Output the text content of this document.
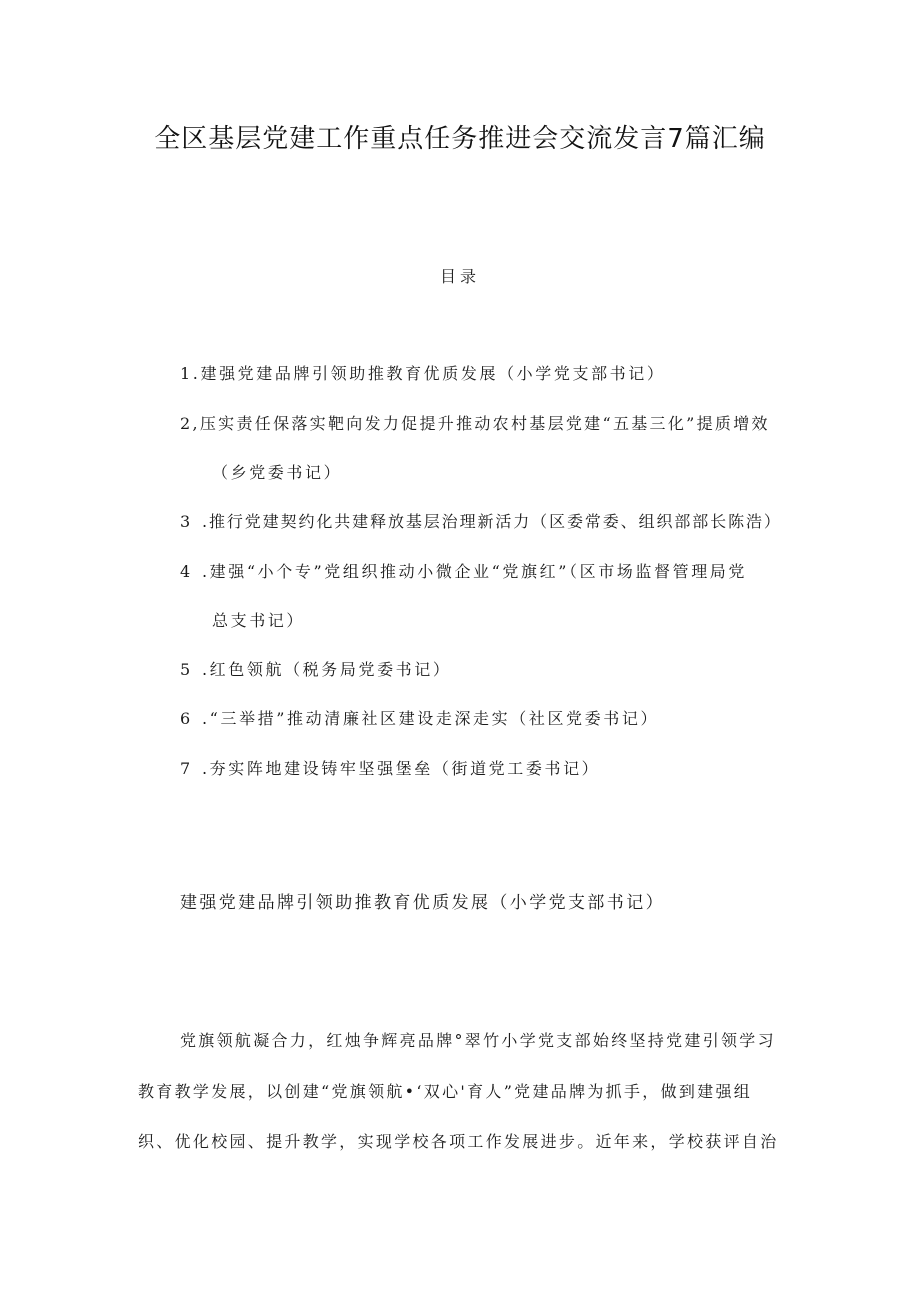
全区基层党建工作重点任务推进会交流发言7篇汇编
目录
1.建强党建品牌引领助推教育优质发展（小学党支部书记）
2,压实责任保落实靶向发力促提升推动农村基层党建“五基三化”提质增效
（乡党委书记）
3 .推行党建契约化共建释放基层治理新活力（区委常委、组织部部长陈浩）
4 .建强“小个专”党组织推动小微企业“党旗红”（区市场监督管理局党
总支书记）
5 .红色领航（税务局党委书记）
6 .“三举措”推动清廉社区建设走深走实（社区党委书记）
7 .夯实阵地建设铸牢坚强堡垒（街道党工委书记）
建强党建品牌引领助推教育优质发展（小学党支部书记）
党旗领航凝合力，红烛争辉亮品牌°翠竹小学党支部始终坚持党建引领学习
教育教学发展，以创建“党旗领航•‘双心'育人”党建品牌为抓手，做到建强组
织、优化校园、提升教学，实现学校各项工作发展进步。近年来，学校获评自治
